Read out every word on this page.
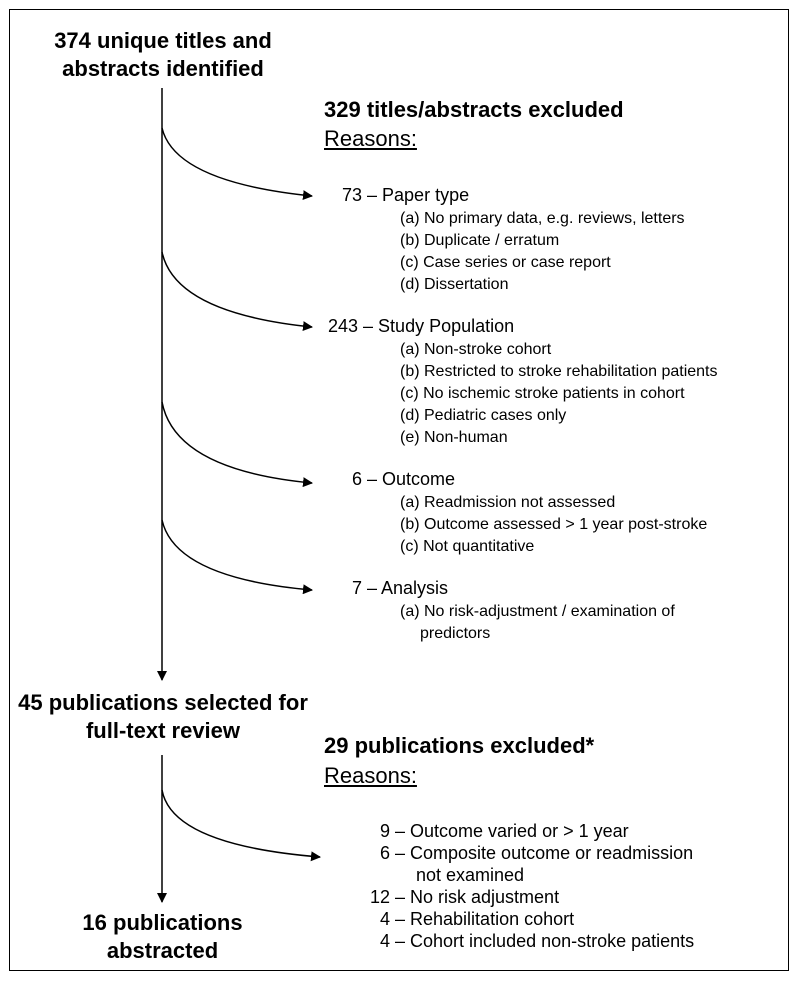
374 unique titles and abstracts identified
45 publications selected for full-text review
16 publications abstracted
329 titles/abstracts excluded
Reasons:
73 – Paper type
(a) No primary data, e.g. reviews, letters
(b) Duplicate / erratum
(c) Case series or case report
(d) Dissertation
243 – Study Population
(a) Non-stroke cohort
(b) Restricted to stroke rehabilitation patients
(c) No ischemic stroke patients in cohort
(d) Pediatric cases only
(e) Non-human
6 – Outcome
(a) Readmission not assessed
(b) Outcome assessed > 1 year post-stroke
(c) Not quantitative
7 – Analysis
(a) No risk-adjustment / examination of
predictors
29 publications excluded*
Reasons:
9 – Outcome varied or > 1 year
6 – Composite outcome or readmission
not examined
12 – No risk adjustment
4 – Rehabilitation cohort
4 – Cohort included non-stroke patients
